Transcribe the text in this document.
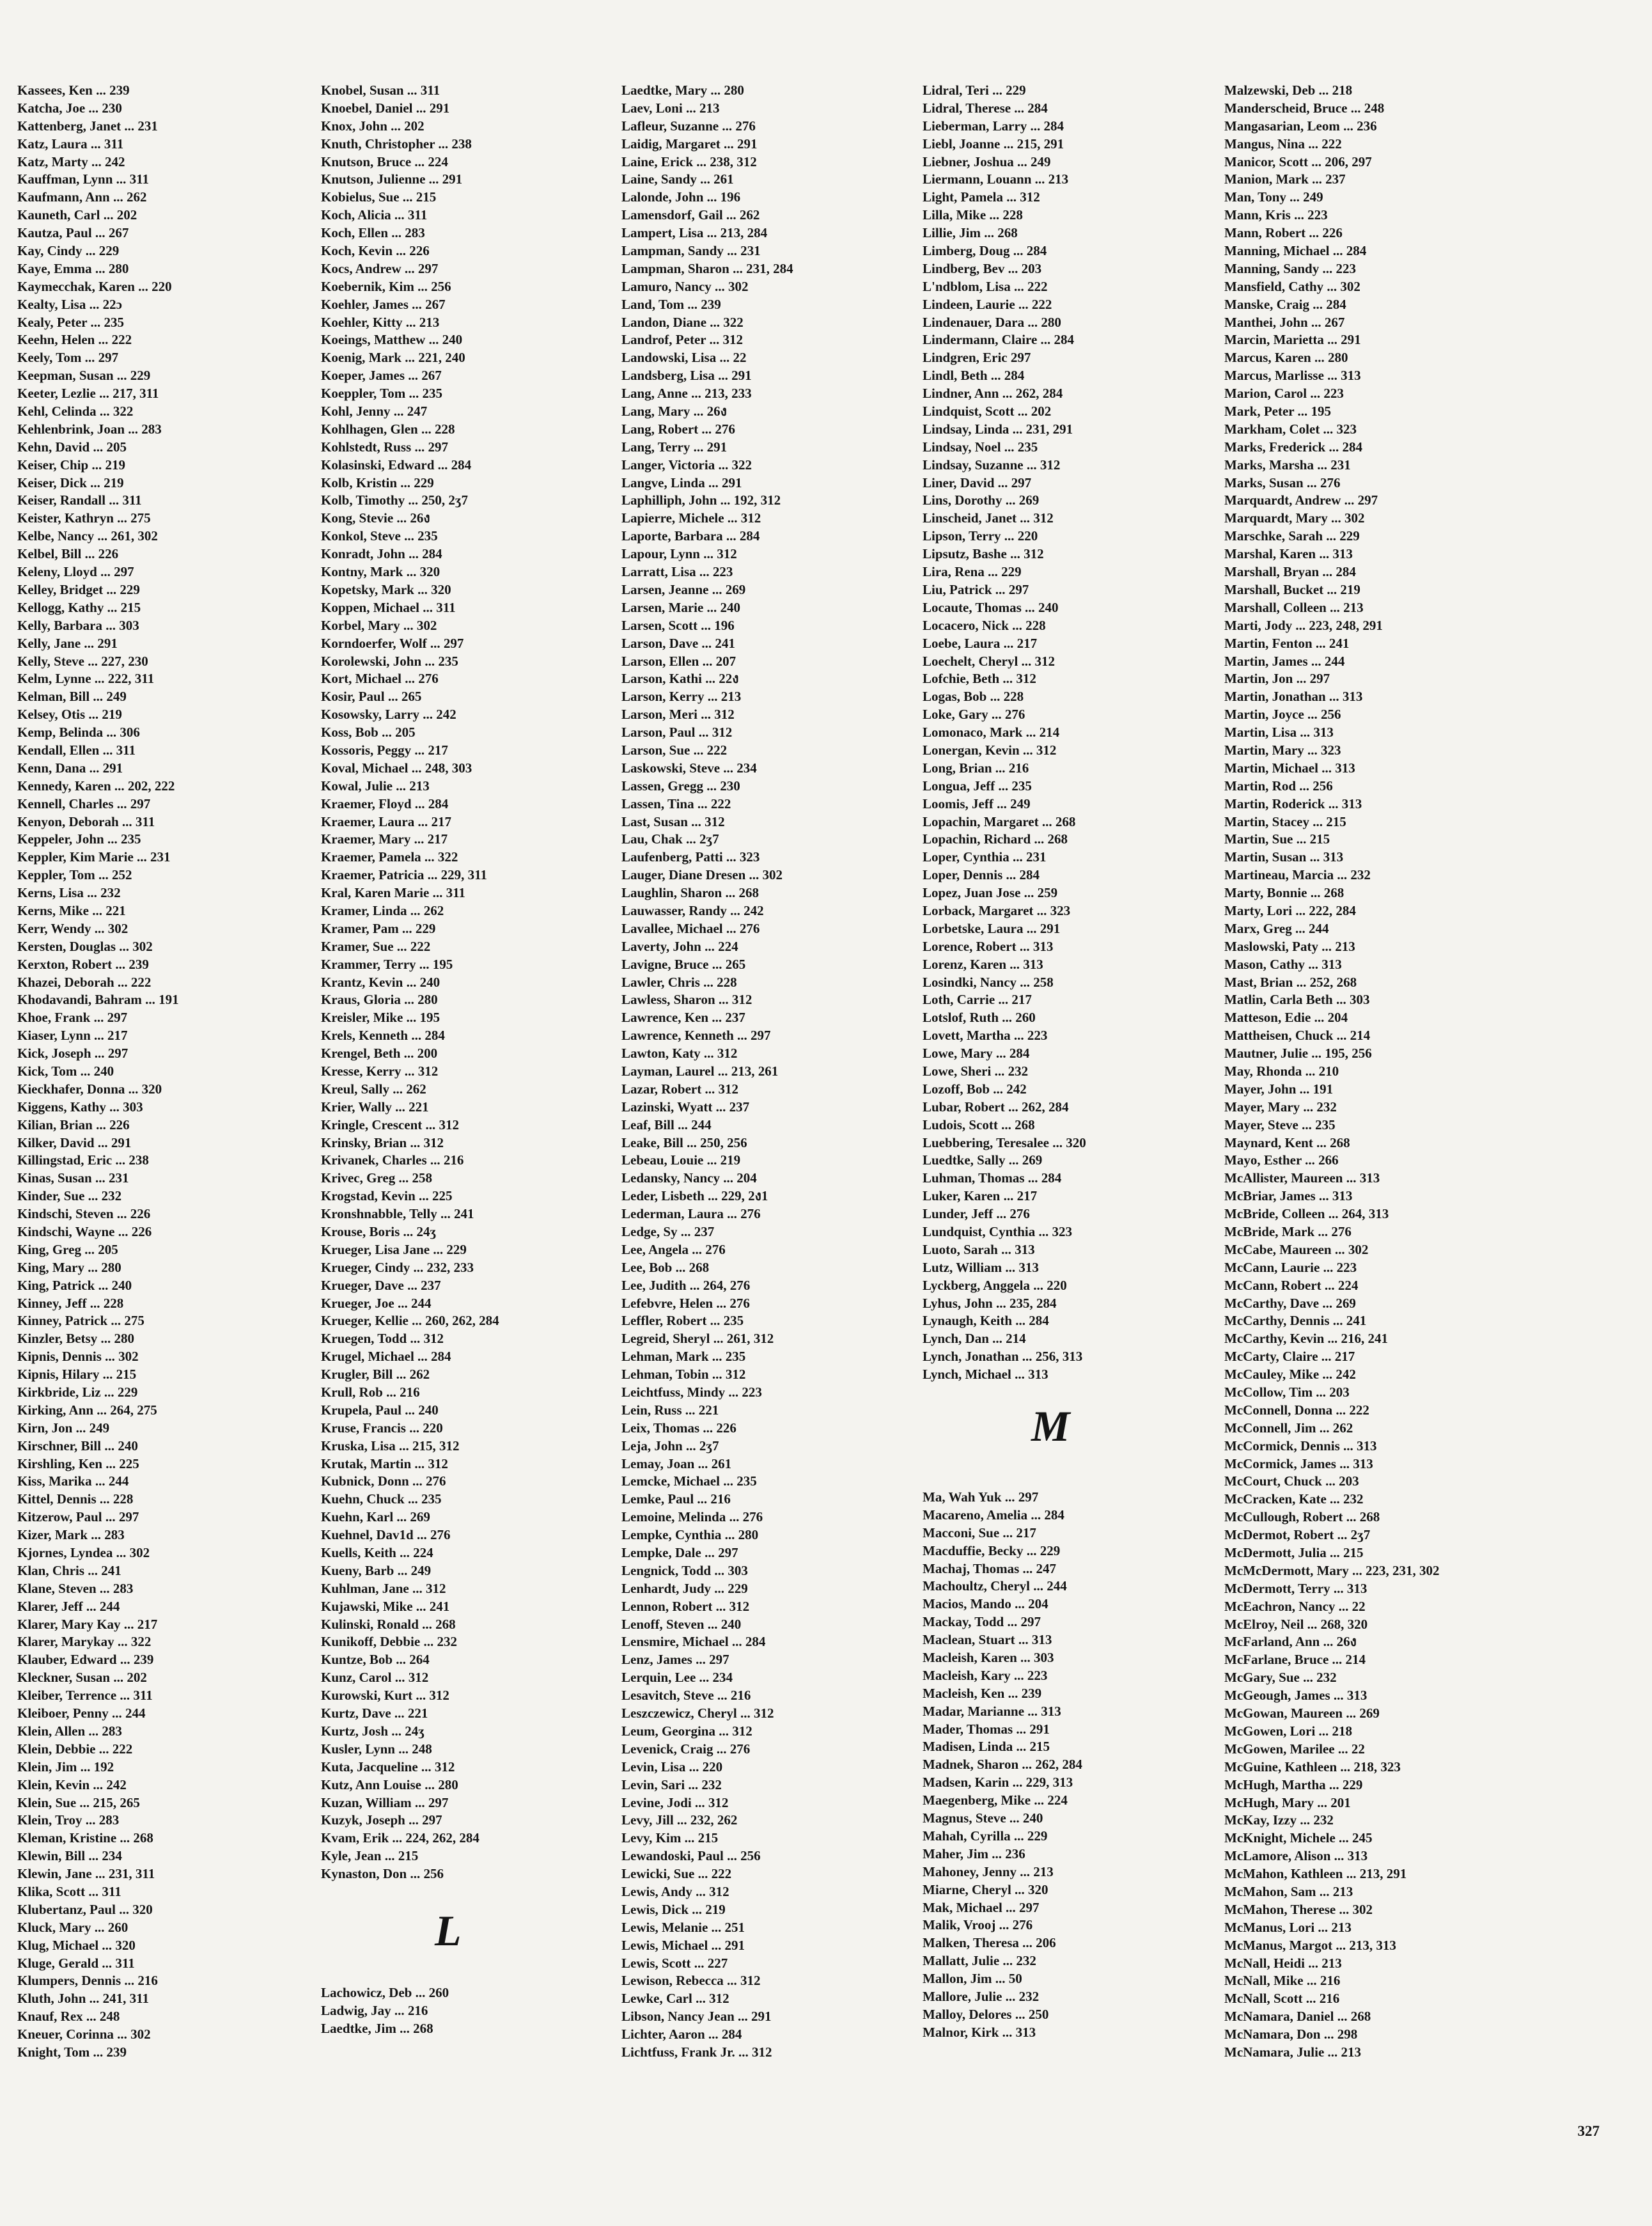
Kassees, Ken ... 239
Katcha, Joe ... 230
Kattenberg, Janet ... 231
Katz, Laura ... 311
Katz, Marty ... 242
Kauffman, Lynn ... 311
Kaufmann, Ann ... 262
Kauneth, Carl ... 202
Kautza, Paul ... 267
Kay, Cindy ... 229
Kaye, Emma ... 280
Kaymecchak, Karen ... 220
Kealty, Lisa ... 22ɔ
Kealy, Peter ... 235
Keehn, Helen ... 222
Keely, Tom ... 297
Keepman, Susan ... 229
Keeter, Lezlie ... 217, 311
Kehl, Celinda ... 322
Kehlenbrink, Joan ... 283
Kehn, David ... 205
Keiser, Chip ... 219
Keiser, Dick ... 219
Keiser, Randall ... 311
Keister, Kathryn ... 275
Kelbe, Nancy ... 261, 302
Kelbel, Bill ... 226
Keleny, Lloyd ... 297
Kelley, Bridget ... 229
Kellogg, Kathy ... 215
Kelly, Barbara ... 303
Kelly, Jane ... 291
Kelly, Steve ... 227, 230
Kelm, Lynne ... 222, 311
Kelman, Bill ... 249
Kelsey, Otis ... 219
Kemp, Belinda ... 306
Kendall, Ellen ... 311
Kenn, Dana ... 291
Kennedy, Karen ... 202, 222
Kennell, Charles ... 297
Kenyon, Deborah ... 311
Keppeler, John ... 235
Keppler, Kim Marie ... 231
Keppler, Tom ... 252
Kerns, Lisa ... 232
Kerns, Mike ... 221
Kerr, Wendy ... 302
Kersten, Douglas ... 302
Kerxton, Robert ... 239
Khazei, Deborah ... 222
Khodavandi, Bahram ... 191
Khoe, Frank ... 297
Kiaser, Lynn ... 217
Kick, Joseph ... 297
Kick, Tom ... 240
Kieckhafer, Donna ... 320
Kiggens, Kathy ... 303
Kilian, Brian ... 226
Kilker, David ... 291
Killingstad, Eric ... 238
Kinas, Susan ... 231
Kinder, Sue ... 232
Kindschi, Steven ... 226
Kindschi, Wayne ... 226
King, Greg ... 205
King, Mary ... 280
King, Patrick ... 240
Kinney, Jeff ... 228
Kinney, Patrick ... 275
Kinzler, Betsy ... 280
Kipnis, Dennis ... 302
Kipnis, Hilary ... 215
Kirkbride, Liz ... 229
Kirking, Ann ... 264, 275
Kirn, Jon ... 249
Kirschner, Bill ... 240
Kirshling, Ken ... 225
Kiss, Marika ... 244
Kittel, Dennis ... 228
Kitzerow, Paul ... 297
Kizer, Mark ... 283
Kjornes, Lyndea ... 302
Klan, Chris ... 241
Klane, Steven ... 283
Klarer, Jeff ... 244
Klarer, Mary Kay ... 217
Klarer, Marykay ... 322
Klauber, Edward ... 239
Kleckner, Susan ... 202
Kleiber, Terrence ... 311
Kleiboer, Penny ... 244
Klein, Allen ... 283
Klein, Debbie ... 222
Klein, Jim ... 192
Klein, Kevin ... 242
Klein, Sue ... 215, 265
Klein, Troy ... 283
Kleman, Kristine ... 268
Klewin, Bill ... 234
Klewin, Jane ... 231, 311
Klika, Scott ... 311
Klubertanz, Paul ... 320
Kluck, Mary ... 260
Klug, Michael ... 320
Kluge, Gerald ... 311
Klumpers, Dennis ... 216
Kluth, John ... 241, 311
Knauf, Rex ... 248
Kneuer, Corinna ... 302
Knight, Tom ... 239
Knobel, Susan ... 311
Knoebel, Daniel ... 291
Knox, John ... 202
Knuth, Christopher ... 238
Knutson, Bruce ... 224
Knutson, Julienne ... 291
Kobielus, Sue ... 215
Koch, Alicia ... 311
Koch, Ellen ... 283
Koch, Kevin ... 226
Kocs, Andrew ... 297
Koebernik, Kim ... 256
Koehler, James ... 267
Koehler, Kitty ... 213
Koeings, Matthew ... 240
Koenig, Mark ... 221, 240
Koeper, James ... 267
Koeppler, Tom ... 235
Kohl, Jenny ... 247
Kohlhagen, Glen ... 228
Kohlstedt, Russ ... 297
Kolasinski, Edward ... 284
Kolb, Kristin ... 229
Kolb, Timothy ... 250, 2ʒ7
Kong, Stevie ... 26ง
Konkol, Steve ... 235
Konradt, John ... 284
Kontny, Mark ... 320
Kopetsky, Mark ... 320
Koppen, Michael ... 311
Korbel, Mary ... 302
Korndoerfer, Wolf ... 297
Korolewski, John ... 235
Kort, Michael ... 276
Kosir, Paul ... 265
Kosowsky, Larry ... 242
Koss, Bob ... 205
Kossoris, Peggy ... 217
Koval, Michael ... 248, 303
Kowal, Julie ... 213
Kraemer, Floyd ... 284
Kraemer, Laura ... 217
Kraemer, Mary ... 217
Kraemer, Pamela ... 322
Kraemer, Patricia ... 229, 311
Kral, Karen Marie ... 311
Kramer, Linda ... 262
Kramer, Pam ... 229
Kramer, Sue ... 222
Krammer, Terry ... 195
Krantz, Kevin ... 240
Kraus, Gloria ... 280
Kreisler, Mike ... 195
Krels, Kenneth ... 284
Krengel, Beth ... 200
Kresse, Kerry ... 312
Kreul, Sally ... 262
Krier, Wally ... 221
Kringle, Crescent ... 312
Krinsky, Brian ... 312
Krivanek, Charles ... 216
Krivec, Greg ... 258
Krogstad, Kevin ... 225
Kronshnabble, Telly ... 241
Krouse, Boris ... 24ʒ
Krueger, Lisa Jane ... 229
Krueger, Cindy ... 232, 233
Krueger, Dave ... 237
Krueger, Joe ... 244
Krueger, Kellie ... 260, 262, 284
Kruegen, Todd ... 312
Krugel, Michael ... 284
Krugler, Bill ... 262
Krull, Rob ... 216
Krupela, Paul ... 240
Kruse, Francis ... 220
Kruska, Lisa ... 215, 312
Krutak, Martin ... 312
Kubnick, Donn ... 276
Kuehn, Chuck ... 235
Kuehn, Karl ... 269
Kuehnel, Dav1d ... 276
Kuells, Keith ... 224
Kueny, Barb ... 249
Kuhlman, Jane ... 312
Kujawski, Mike ... 241
Kulinski, Ronald ... 268
Kunikoff, Debbie ... 232
Kuntze, Bob ... 264
Kunz, Carol ... 312
Kurowski, Kurt ... 312
Kurtz, Dave ... 221
Kurtz, Josh ... 24ʒ
Kusler, Lynn ... 248
Kuta, Jacqueline ... 312
Kutz, Ann Louise ... 280
Kuzan, William ... 297
Kuzyk, Joseph ... 297
Kvam, Erik ... 224, 262, 284
Kyle, Jean ... 215
Kynaston, Don ... 256
L
Lachowicz, Deb ... 260
Ladwig, Jay ... 216
Laedtke, Jim ... 268
Laedtke, Mary ... 280
Laev, Loni ... 213
Lafleur, Suzanne ... 276
Laidig, Margaret ... 291
Laine, Erick ... 238, 312
Laine, Sandy ... 261
Lalonde, John ... 196
Lamensdorf, Gail ... 262
Lampert, Lisa ... 213, 284
Lampman, Sandy ... 231
Lampman, Sharon ... 231, 284
Lamuro, Nancy ... 302
Land, Tom ... 239
Landon, Diane ... 322
Landrof, Peter ... 312
Landowski, Lisa ... 22
Landsberg, Lisa ... 291
Lang, Anne ... 213, 233
Lang, Mary ... 26ง
Lang, Robert ... 276
Lang, Terry ... 291
Langer, Victoria ... 322
Langve, Linda ... 291
Laphilliph, John ... 192, 312
Lapierre, Michele ... 312
Laporte, Barbara ... 284
Lapour, Lynn ... 312
Larratt, Lisa ... 223
Larsen, Jeanne ... 269
Larsen, Marie ... 240
Larsen, Scott ... 196
Larson, Dave ... 241
Larson, Ellen ... 207
Larson, Kathi ... 22ง
Larson, Kerry ... 213
Larson, Meri ... 312
Larson, Paul ... 312
Larson, Sue ... 222
Laskowski, Steve ... 234
Lassen, Gregg ... 230
Lassen, Tina ... 222
Last, Susan ... 312
Lau, Chak ... 2ʒ7
Laufenberg, Patti ... 323
Lauger, Diane Dresen ... 302
Laughlin, Sharon ... 268
Lauwasser, Randy ... 242
Lavallee, Michael ... 276
Laverty, John ... 224
Lavigne, Bruce ... 265
Lawler, Chris ... 228
Lawless, Sharon ... 312
Lawrence, Ken ... 237
Lawrence, Kenneth ... 297
Lawton, Katy ... 312
Layman, Laurel ... 213, 261
Lazar, Robert ... 312
Lazinski, Wyatt ... 237
Leaf, Bill ... 244
Leake, Bill ... 250, 256
Lebeau, Louie ... 219
Ledansky, Nancy ... 204
Leder, Lisbeth ... 229, 2ง1
Lederman, Laura ... 276
Ledge, Sy ... 237
Lee, Angela ... 276
Lee, Bob ... 268
Lee, Judith ... 264, 276
Lefebvre, Helen ... 276
Leffler, Robert ... 235
Legreid, Sheryl ... 261, 312
Lehman, Mark ... 235
Lehman, Tobin ... 312
Leichtfuss, Mindy ... 223
Lein, Russ ... 221
Leix, Thomas ... 226
Leja, John ... 2ʒ7
Lemay, Joan ... 261
Lemcke, Michael ... 235
Lemke, Paul ... 216
Lemoine, Melinda ... 276
Lempke, Cynthia ... 280
Lempke, Dale ... 297
Lengnick, Todd ... 303
Lenhardt, Judy ... 229
Lennon, Robert ... 312
Lenoff, Steven ... 240
Lensmire, Michael ... 284
Lenz, James ... 297
Lerquin, Lee ... 234
Lesavitch, Steve ... 216
Leszczewicz, Cheryl ... 312
Leum, Georgina ... 312
Levenick, Craig ... 276
Levin, Lisa ... 220
Levin, Sari ... 232
Levine, Jodi ... 312
Levy, Jill ... 232, 262
Levy, Kim ... 215
Lewandoski, Paul ... 256
Lewicki, Sue ... 222
Lewis, Andy ... 312
Lewis, Dick ... 219
Lewis, Melanie ... 251
Lewis, Michael ... 291
Lewis, Scott ... 227
Lewison, Rebecca ... 312
Lewke, Carl ... 312
Libson, Nancy Jean ... 291
Lichter, Aaron ... 284
Lichtfuss, Frank Jr. ... 312
Lidral, Teri ... 229
Lidral, Therese ... 284
Lieberman, Larry ... 284
Liebl, Joanne ... 215, 291
Liebner, Joshua ... 249
Liermann, Louann ... 213
Light, Pamela ... 312
Lilla, Mike ... 228
Lillie, Jim ... 268
Limberg, Doug ... 284
Lindberg, Bev ... 203
L'ndblom, Lisa ... 222
Lindeen, Laurie ... 222
Lindenauer, Dara ... 280
Lindermann, Claire ... 284
Lindgren, Eric 297
Lindl, Beth ... 284
Lindner, Ann ... 262, 284
Lindquist, Scott ... 202
Lindsay, Linda ... 231, 291
Lindsay, Noel ... 235
Lindsay, Suzanne ... 312
Liner, David ... 297
Lins, Dorothy ... 269
Linscheid, Janet ... 312
Lipson, Terry ... 220
Lipsutz, Bashe ... 312
Lira, Rena ... 229
Liu, Patrick ... 297
Locaute, Thomas ... 240
Locacero, Nick ... 228
Loebe, Laura ... 217
Loechelt, Cheryl ... 312
Lofchie, Beth ... 312
Logas, Bob ... 228
Loke, Gary ... 276
Lomonaco, Mark ... 214
Lonergan, Kevin ... 312
Long, Brian ... 216
Longua, Jeff ... 235
Loomis, Jeff ... 249
Lopachin, Margaret ... 268
Lopachin, Richard ... 268
Loper, Cynthia ... 231
Loper, Dennis ... 284
Lopez, Juan Jose ... 259
Lorback, Margaret ... 323
Lorbetske, Laura ... 291
Lorence, Robert ... 313
Lorenz, Karen ... 313
Losindki, Nancy ... 258
Loth, Carrie ... 217
Lotslof, Ruth ... 260
Lovett, Martha ... 223
Lowe, Mary ... 284
Lowe, Sheri ... 232
Lozoff, Bob ... 242
Lubar, Robert ... 262, 284
Ludois, Scott ... 268
Luebbering, Teresalee ... 320
Luedtke, Sally ... 269
Luhman, Thomas ... 284
Luker, Karen ... 217
Lunder, Jeff ... 276
Lundquist, Cynthia ... 323
Luoto, Sarah ... 313
Lutz, William ... 313
Lyckberg, Anggela ... 220
Lyhus, John ... 235, 284
Lynaugh, Keith ... 284
Lynch, Dan ... 214
Lynch, Jonathan ... 256, 313
Lynch, Michael ... 313
M
Ma, Wah Yuk ... 297
Macareno, Amelia ... 284
Macconi, Sue ... 217
Macduffie, Becky ... 229
Machaj, Thomas ... 247
Machoultz, Cheryl ... 244
Macios, Mando ... 204
Mackay, Todd ... 297
Maclean, Stuart ... 313
Macleish, Karen ... 303
Macleish, Kary ... 223
Macleish, Ken ... 239
Madar, Marianne ... 313
Mader, Thomas ... 291
Madisen, Linda ... 215
Madnek, Sharon ... 262, 284
Madsen, Karin ... 229, 313
Maegenberg, Mike ... 224
Magnus, Steve ... 240
Mahah, Cyrilla ... 229
Maher, Jim ... 236
Mahoney, Jenny ... 213
Miarne, Cheryl ... 320
Mak, Michael ... 297
Malik, Vrooj ... 276
Malken, Theresa ... 206
Mallatt, Julie ... 232
Mallon, Jim ... 50
Mallore, Julie ... 232
Malloy, Delores ... 250
Malnor, Kirk ... 313
Malzewski, Deb ... 218
Manderscheid, Bruce ... 248
Mangasarian, Leom ... 236
Mangus, Nina ... 222
Manicor, Scott ... 206, 297
Manion, Mark ... 237
Man, Tony ... 249
Mann, Kris ... 223
Mann, Robert ... 226
Manning, Michael ... 284
Manning, Sandy ... 223
Mansfield, Cathy ... 302
Manske, Craig ... 284
Manthei, John ... 267
Marcin, Marietta ... 291
Marcus, Karen ... 280
Marcus, Marlisse ... 313
Marion, Carol ... 223
Mark, Peter ... 195
Markham, Colet ... 323
Marks, Frederick ... 284
Marks, Marsha ... 231
Marks, Susan ... 276
Marquardt, Andrew ... 297
Marquardt, Mary ... 302
Marschke, Sarah ... 229
Marshal, Karen ... 313
Marshall, Bryan ... 284
Marshall, Bucket ... 219
Marshall, Colleen ... 213
Marti, Jody ... 223, 248, 291
Martin, Fenton ... 241
Martin, James ... 244
Martin, Jon ... 297
Martin, Jonathan ... 313
Martin, Joyce ... 256
Martin, Lisa ... 313
Martin, Mary ... 323
Martin, Michael ... 313
Martin, Rod ... 256
Martin, Roderick ... 313
Martin, Stacey ... 215
Martin, Sue ... 215
Martin, Susan ... 313
Martineau, Marcia ... 232
Marty, Bonnie ... 268
Marty, Lori ... 222, 284
Marx, Greg ... 244
Maslowski, Paty ... 213
Mason, Cathy ... 313
Mast, Brian ... 252, 268
Matlin, Carla Beth ... 303
Matteson, Edie ... 204
Mattheisen, Chuck ... 214
Mautner, Julie ... 195, 256
May, Rhonda ... 210
Mayer, John ... 191
Mayer, Mary ... 232
Mayer, Steve ... 235
Maynard, Kent ... 268
Mayo, Esther ... 266
McAllister, Maureen ... 313
McBriar, James ... 313
McBride, Colleen ... 264, 313
McBride, Mark ... 276
McCabe, Maureen ... 302
McCann, Laurie ... 223
McCann, Robert ... 224
McCarthy, Dave ... 269
McCarthy, Dennis ... 241
McCarthy, Kevin ... 216, 241
McCarty, Claire ... 217
McCauley, Mike ... 242
McCollow, Tim ... 203
McConnell, Donna ... 222
McConnell, Jim ... 262
McCormick, Dennis ... 313
McCormick, James ... 313
McCourt, Chuck ... 203
McCracken, Kate ... 232
McCullough, Robert ... 268
McDermot, Robert ... 2ʒ7
McDermott, Julia ... 215
McMcDermott, Mary ... 223, 231, 302
McDermott, Terry ... 313
McEachron, Nancy ... 22
McElroy, Neil ... 268, 320
McFarland, Ann ... 26ง
McFarlane, Bruce ... 214
McGary, Sue ... 232
McGeough, James ... 313
McGowan, Maureen ... 269
McGowen, Lori ... 218
McGowen, Marilee ... 22
McGuine, Kathleen ... 218, 323
McHugh, Martha ... 229
McHugh, Mary ... 201
McKay, Izzy ... 232
McKnight, Michele ... 245
McLamore, Alison ... 313
McMahon, Kathleen ... 213, 291
McMahon, Sam ... 213
McMahon, Therese ... 302
McManus, Lori ... 213
McManus, Margot ... 213, 313
McNall, Heidi ... 213
McNall, Mike ... 216
McNall, Scott ... 216
McNamara, Daniel ... 268
McNamara, Don ... 298
McNamara, Julie ... 213
327
